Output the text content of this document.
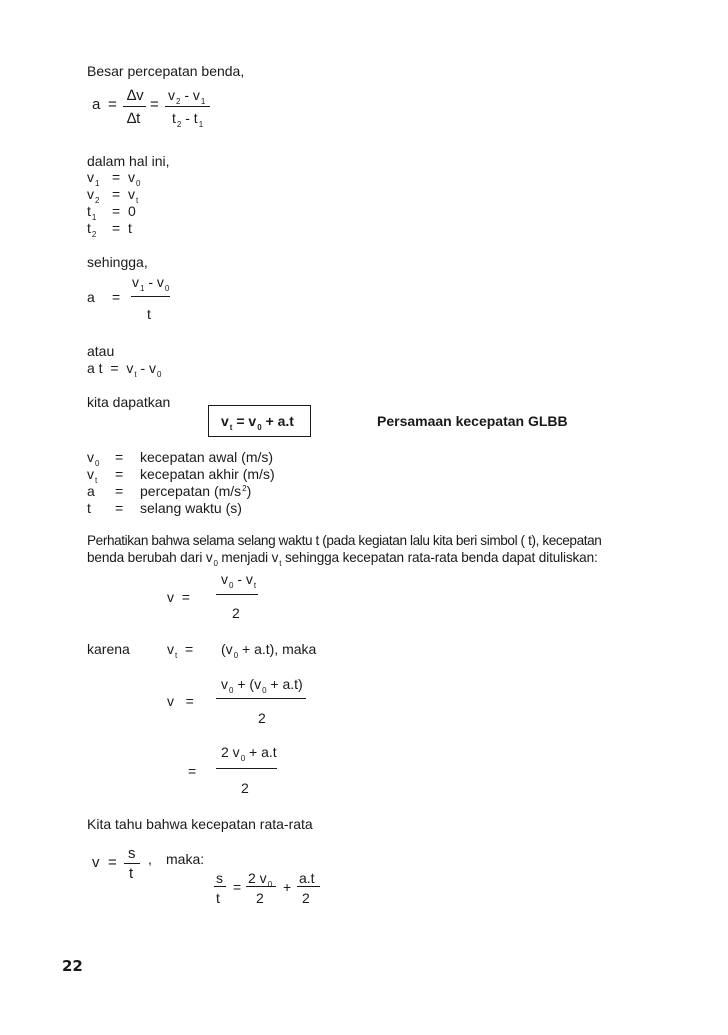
Besar percepatan benda,
a =
∆v
∆t
=
$v_2 - v_1$
$t_2 - t_1$
dalam hal ini,
$v_1 = v_0$
$v_2 = v_t$
$t_1 = 0$
$t_2 = t$
sehingga,
a =
$v_1 - v_0$
t
atau
a $t = v_t - v_0$
kita dapatkan
$v_t = v_0 + a.t$	Persamaan kecepatan GLBB
$v_0$ = kecepatan awal (m/s)
$v_t$ = kecepatan akhir (m/s)
a = percepatan $(m/s^2)$
t = selang waktu (s)
Perhatikan bahwa selama selang waktu t (pada kegiatan lalu kita beri simbol ( t), kecepatan
benda berubah dari $v_0$ menjadi $v_t$ sehingga kecepatan rata-rata benda dapat dituliskan:
v =
$v_0 - v_t$
2
karena	$v_t = (v_0 + a.t)$, maka
v =
$v_0 + (v_0 + a.t)$
2
=
2 $v_0 + a.t$
2
Kita tahu bahwa kecepatan rata-rata
v =
s
t
, maka:
s
t
=
2 $v_0$
2
+
a.t
2
22
